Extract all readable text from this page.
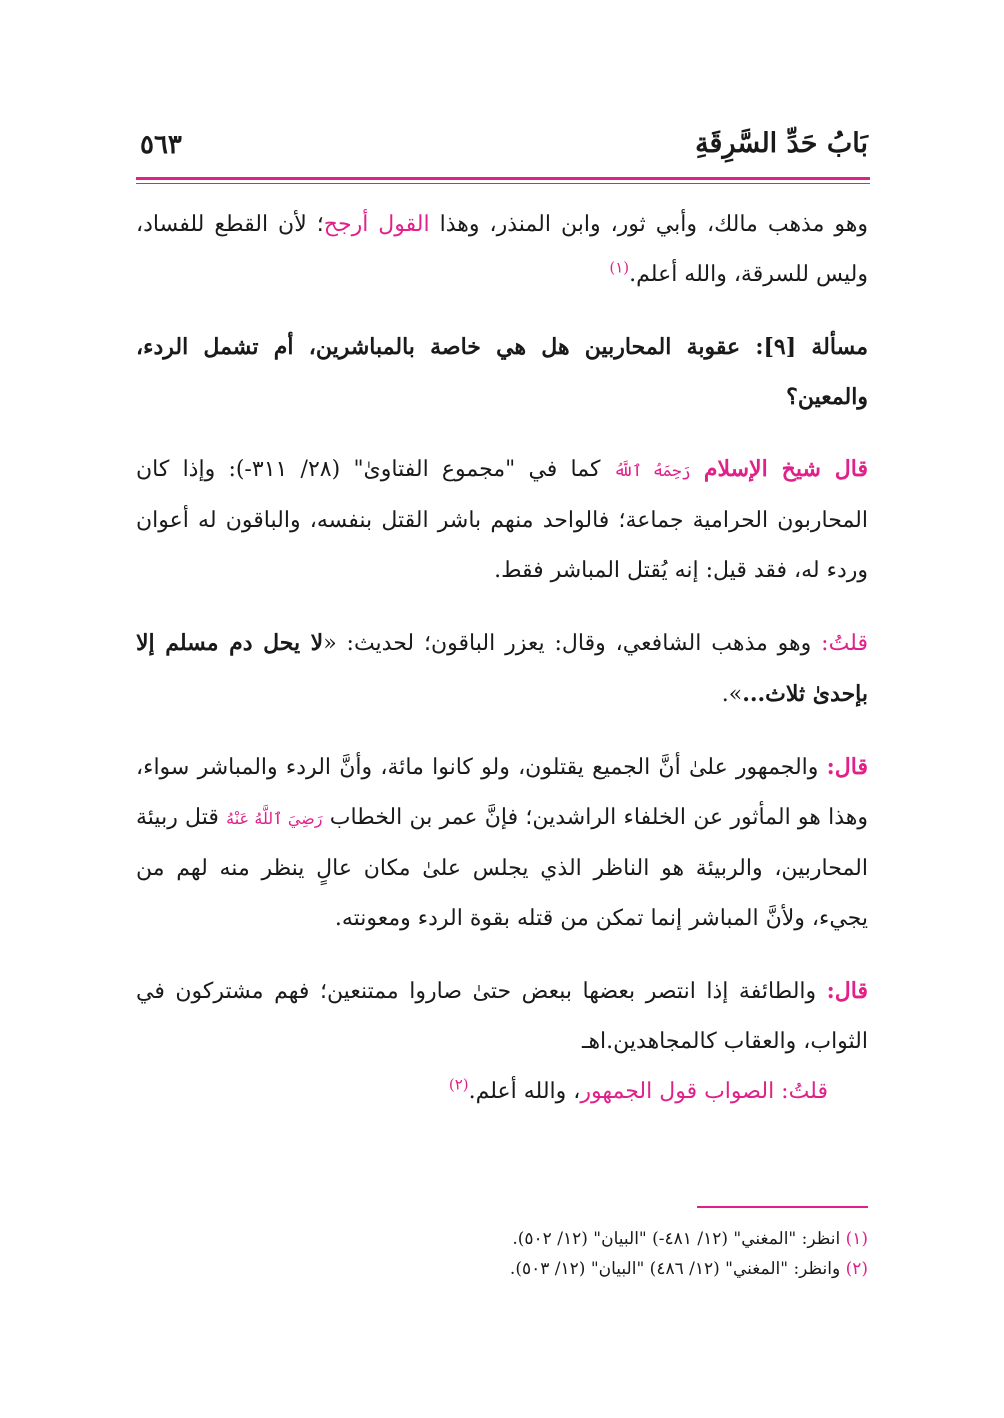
بَابُ حَدِّ السَّرِقَةِ
٥٦٣

وهو مذهب مالك، وأبي ثور، وابن المنذر، وهذا القول أرجح؛ لأن القطع للفساد، وليس للسرقة، والله أعلم.$^{(١)}$

مسألة [٩]: عقوبة المحاربين هل هي خاصة بالمباشرين، أم تشمل الردء، والمعين؟

قال شيخ الإسلام رَحِمَهُ ٱللَّهُ كما في "مجموع الفتاوىٰ" (٢٨/ ٣١١-): وإذا كان المحاربون الحرامية جماعة؛ فالواحد منهم باشر القتل بنفسه، والباقون له أعوان وردء له، فقد قيل: إنه يُقتل المباشر فقط.

قلتُ: وهو مذهب الشافعي، وقال: يعزر الباقون؛ لحديث: «لا يحل دم مسلم إلا بإحدىٰ ثلاث...».

قال: والجمهور علىٰ أنَّ الجميع يقتلون، ولو كانوا مائة، وأنَّ الردء والمباشر سواء، وهذا هو المأثور عن الخلفاء الراشدين؛ فإنَّ عمر بن الخطاب رَضِيَ ٱللَّهُ عَنْهُ قتل ربيئة المحاربين، والربيئة هو الناظر الذي يجلس علىٰ مكان عالٍ ينظر منه لهم من يجيء، ولأنَّ المباشر إنما تمكن من قتله بقوة الردء ومعونته.

قال: والطائفة إذا انتصر بعضها ببعض حتىٰ صاروا ممتنعين؛ فهم مشتركون في الثواب، والعقاب كالمجاهدين.اهـ

قلتُ: الصواب قول الجمهور، والله أعلم.$^{(٢)}$

(١) انظر: "المغني" (١٢/ ٤٨١-) "البيان" (١٢/ ٥٠٢).
(٢) وانظر: "المغني" (١٢/ ٤٨٦) "البيان" (١٢/ ٥٠٣).
